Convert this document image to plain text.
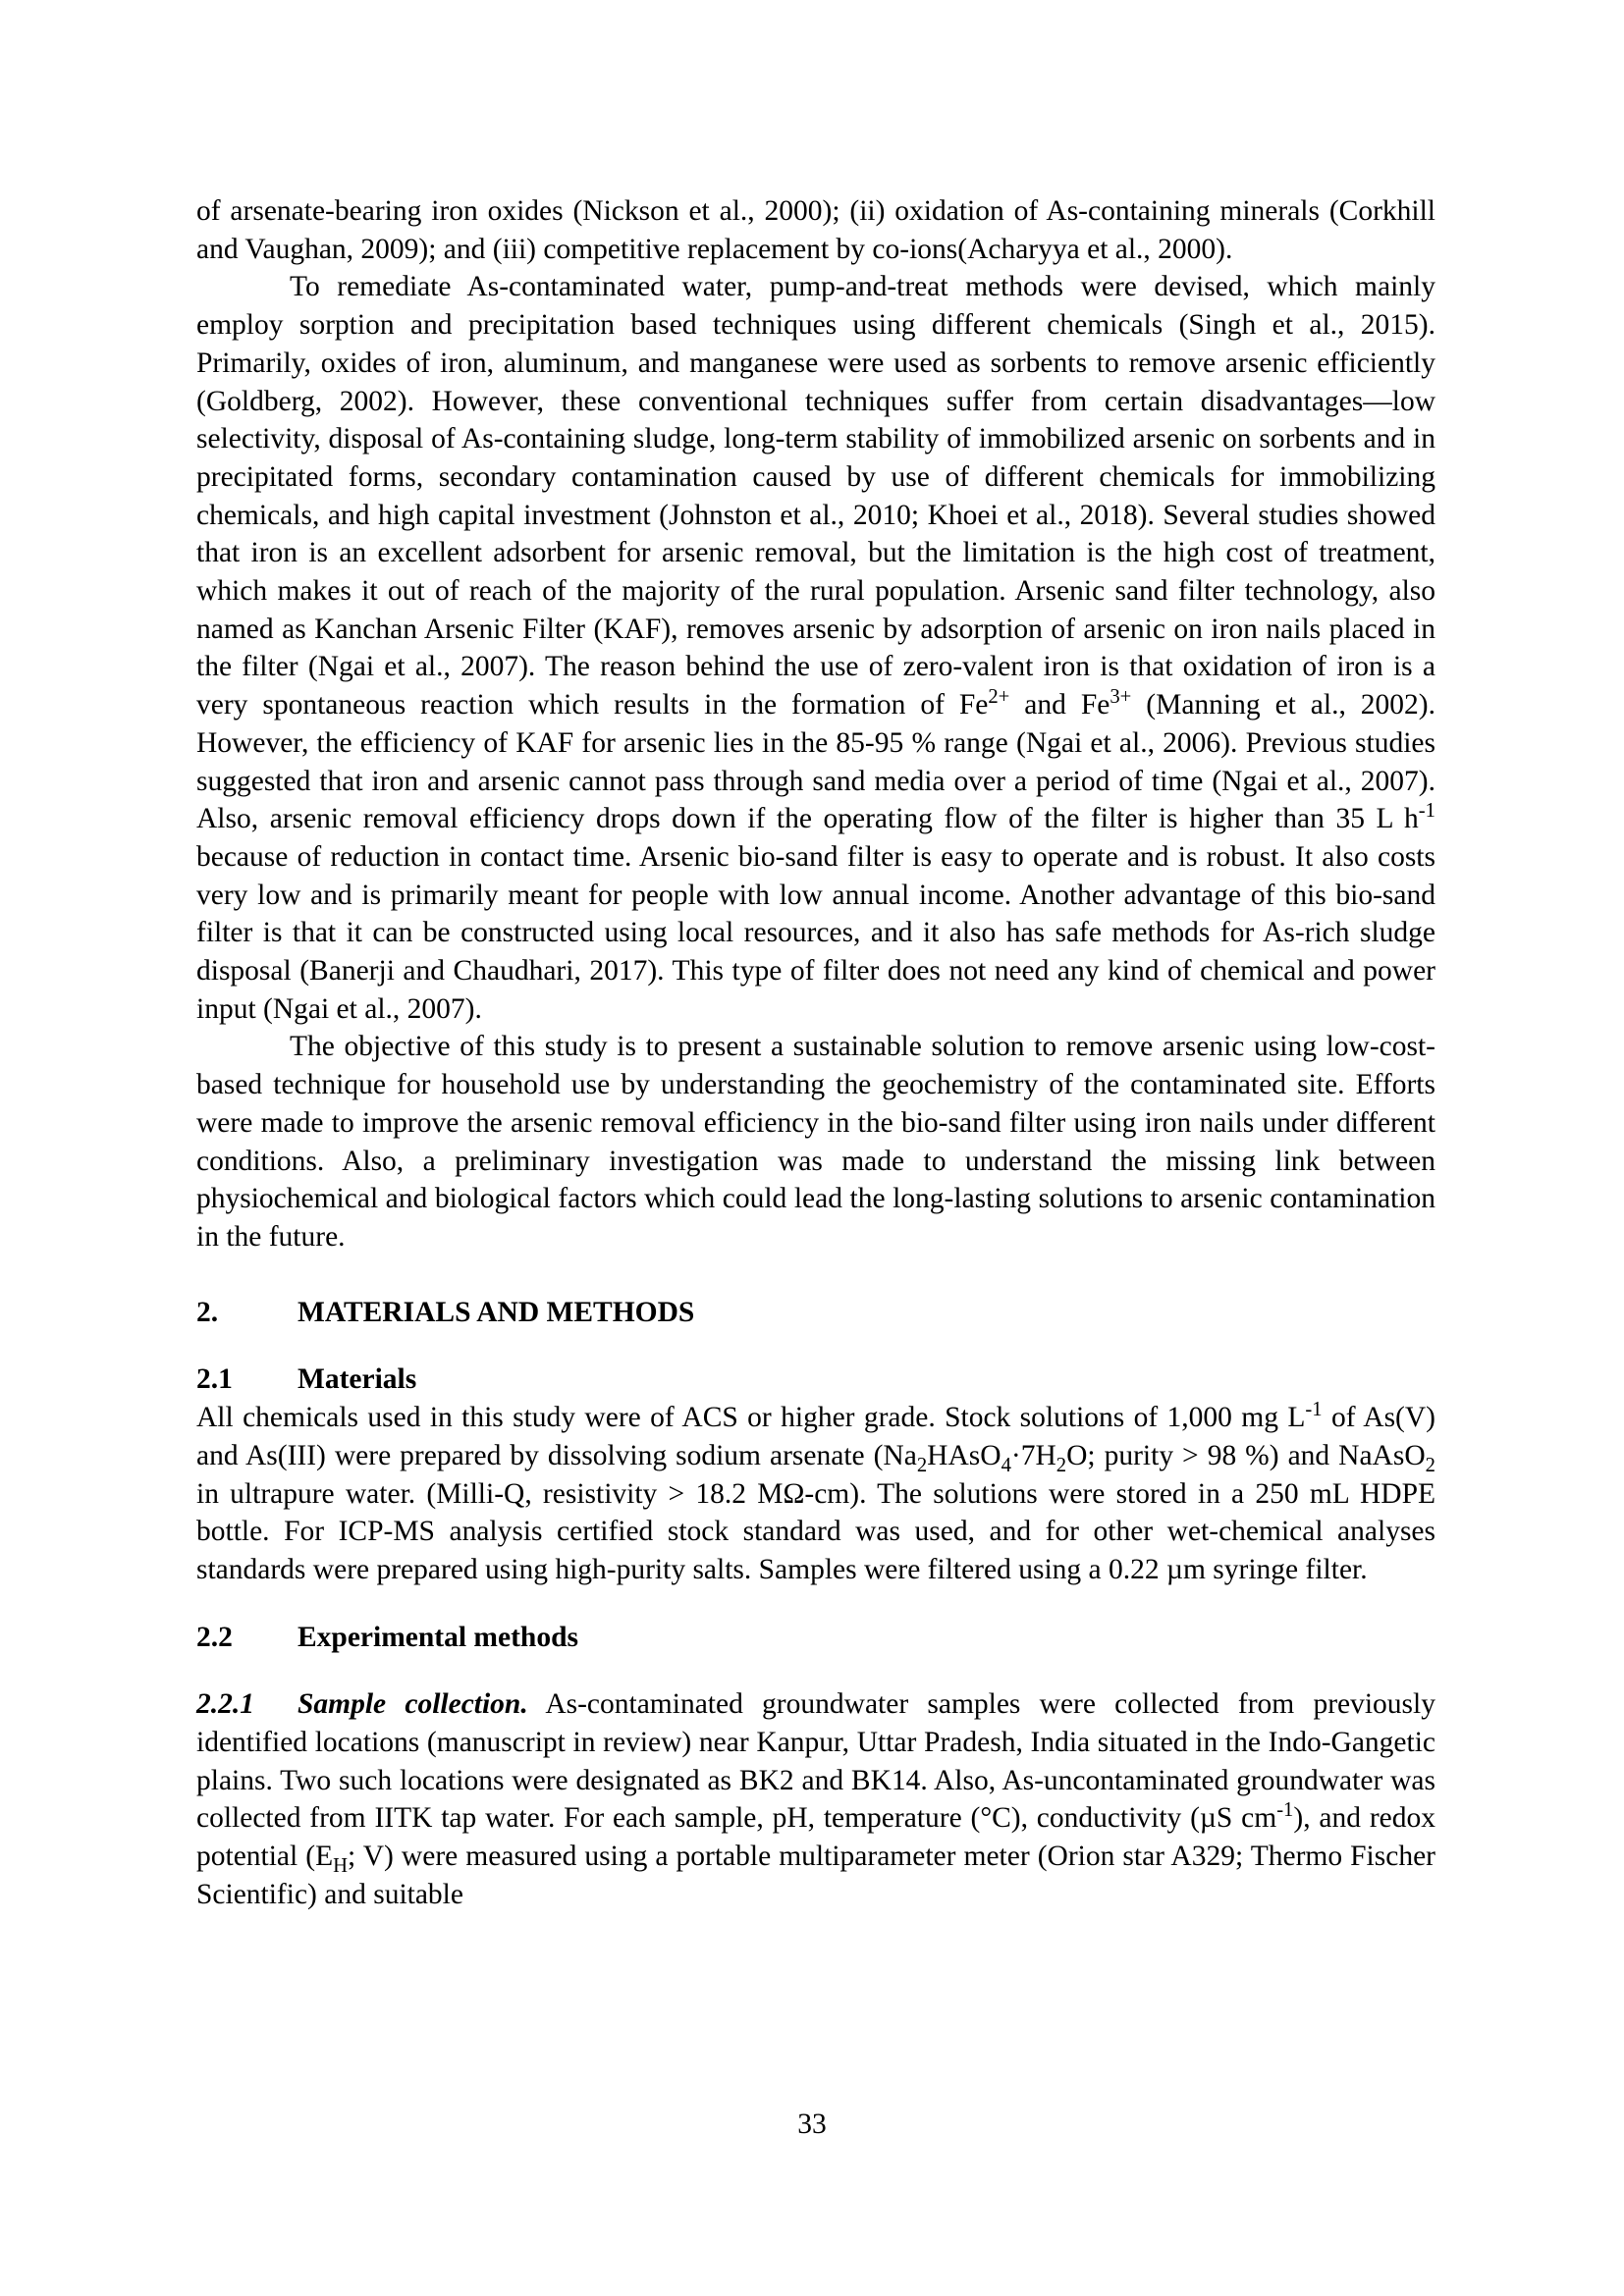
of arsenate-bearing iron oxides (Nickson et al., 2000); (ii) oxidation of As-containing minerals (Corkhill and Vaughan, 2009); and (iii) competitive replacement by co-ions(Acharyya et al., 2000).

To remediate As-contaminated water, pump-and-treat methods were devised, which mainly employ sorption and precipitation based techniques using different chemicals (Singh et al., 2015). Primarily, oxides of iron, aluminum, and manganese were used as sorbents to remove arsenic efficiently (Goldberg, 2002). However, these conventional techniques suffer from certain disadvantages—low selectivity, disposal of As-containing sludge, long-term stability of immobilized arsenic on sorbents and in precipitated forms, secondary contamination caused by use of different chemicals for immobilizing chemicals, and high capital investment (Johnston et al., 2010; Khoei et al., 2018). Several studies showed that iron is an excellent adsorbent for arsenic removal, but the limitation is the high cost of treatment, which makes it out of reach of the majority of the rural population. Arsenic sand filter technology, also named as Kanchan Arsenic Filter (KAF), removes arsenic by adsorption of arsenic on iron nails placed in the filter (Ngai et al., 2007). The reason behind the use of zero-valent iron is that oxidation of iron is a very spontaneous reaction which results in the formation of $Fe^{2+}$ and $Fe^{3+}$ (Manning et al., 2002). However, the efficiency of KAF for arsenic lies in the 85-95 % range (Ngai et al., 2006). Previous studies suggested that iron and arsenic cannot pass through sand media over a period of time (Ngai et al., 2007). Also, arsenic removal efficiency drops down if the operating flow of the filter is higher than 35 L $h^{-1}$ because of reduction in contact time. Arsenic bio-sand filter is easy to operate and is robust. It also costs very low and is primarily meant for people with low annual income. Another advantage of this bio-sand filter is that it can be constructed using local resources, and it also has safe methods for As-rich sludge disposal (Banerji and Chaudhari, 2017). This type of filter does not need any kind of chemical and power input (Ngai et al., 2007).

The objective of this study is to present a sustainable solution to remove arsenic using low-cost-based technique for household use by understanding the geochemistry of the contaminated site. Efforts were made to improve the arsenic removal efficiency in the bio-sand filter using iron nails under different conditions. Also, a preliminary investigation was made to understand the missing link between physiochemical and biological factors which could lead the long-lasting solutions to arsenic contamination in the future.

2.	MATERIALS AND METHODS
2.1 Materials

All chemicals used in this study were of ACS or higher grade. Stock solutions of 1,000 mg $L^{-1}$ of As(V) and As(III) were prepared by dissolving sodium arsenate ($Na_2HAsO_4\cdot 7H_2O$; purity > 98 %) and NaAsO$_2$ in ultrapure water. (Milli-Q, resistivity > 18.2 MΩ-cm). The solutions were stored in a 250 mL HDPE bottle. For ICP-MS analysis certified stock standard was used, and for other wet-chemical analyses standards were prepared using high-purity salts. Samples were filtered using a 0.22 µm syringe filter.

2.2 Experimental methods

2.2.1 Sample collection. As-contaminated groundwater samples were collected from previously identified locations (manuscript in review) near Kanpur, Uttar Pradesh, India situated in the Indo-Gangetic plains. Two such locations were designated as BK2 and BK14. Also, As-uncontaminated groundwater was collected from IITK tap water. For each sample, pH, temperature (°C), conductivity (µS $cm^{-1}$), and redox potential ($E_H$; V) were measured using a portable multiparameter meter (Orion star A329; Thermo Fischer Scientific) and suitable

33
